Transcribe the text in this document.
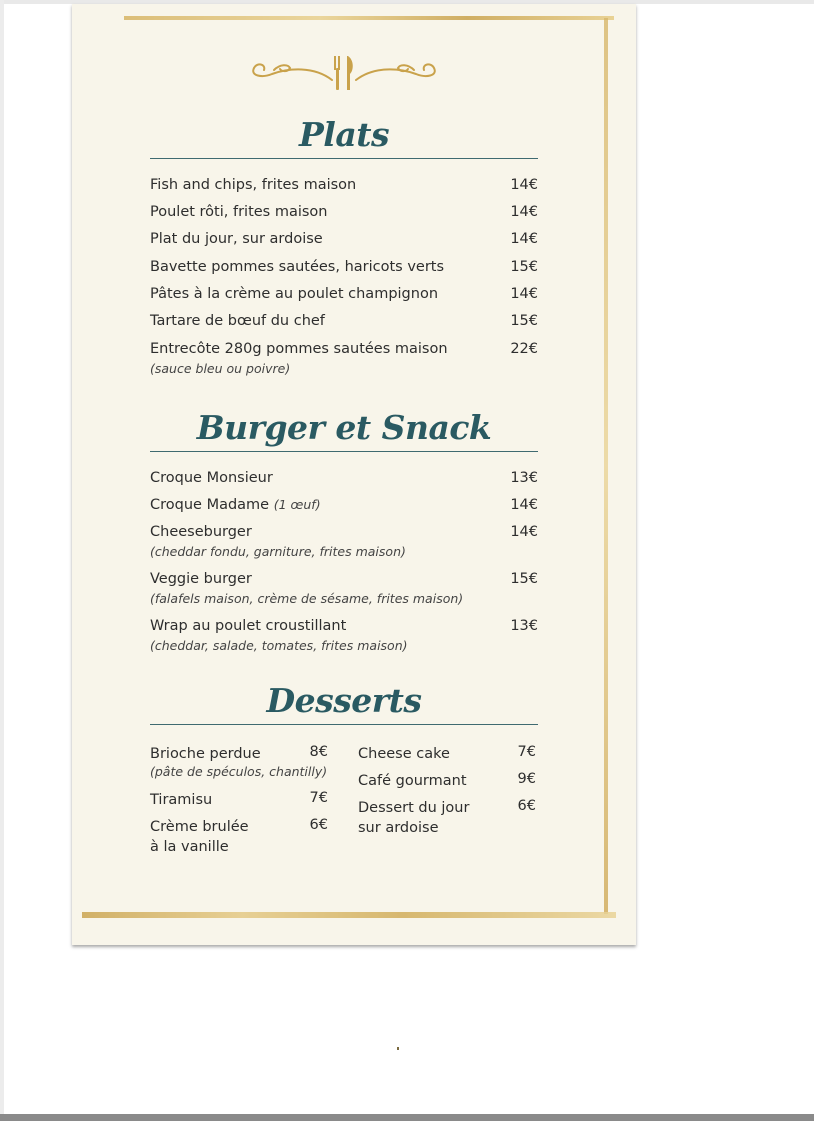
Plats
Fish and chips, frites maison	14€
Poulet rôti, frites maison	14€
Plat du jour, sur ardoise	14€
Bavette pommes sautées, haricots verts	15€
Pâtes à la crème au poulet champignon	14€
Tartare de bœuf du chef	15€
Entrecôte 280g pommes sautées maison	22€
(sauce bleu ou poivre)
Burger et Snack
Croque Monsieur	13€
Croque Madame (1 œuf)	14€
Cheeseburger	14€
(cheddar fondu, garniture, frites maison)
Veggie burger	15€
(falafels maison, crème de sésame, frites maison)
Wrap au poulet croustillant	13€
(cheddar, salade, tomates, frites maison)
Desserts
Brioche perdue	8€
(pâte de spéculos, chantilly)
Tiramisu	7€
Crème brulée
à la vanille
6€
Cheese cake	7€
Café gourmant	9€
Dessert du jour
sur ardoise
6€
